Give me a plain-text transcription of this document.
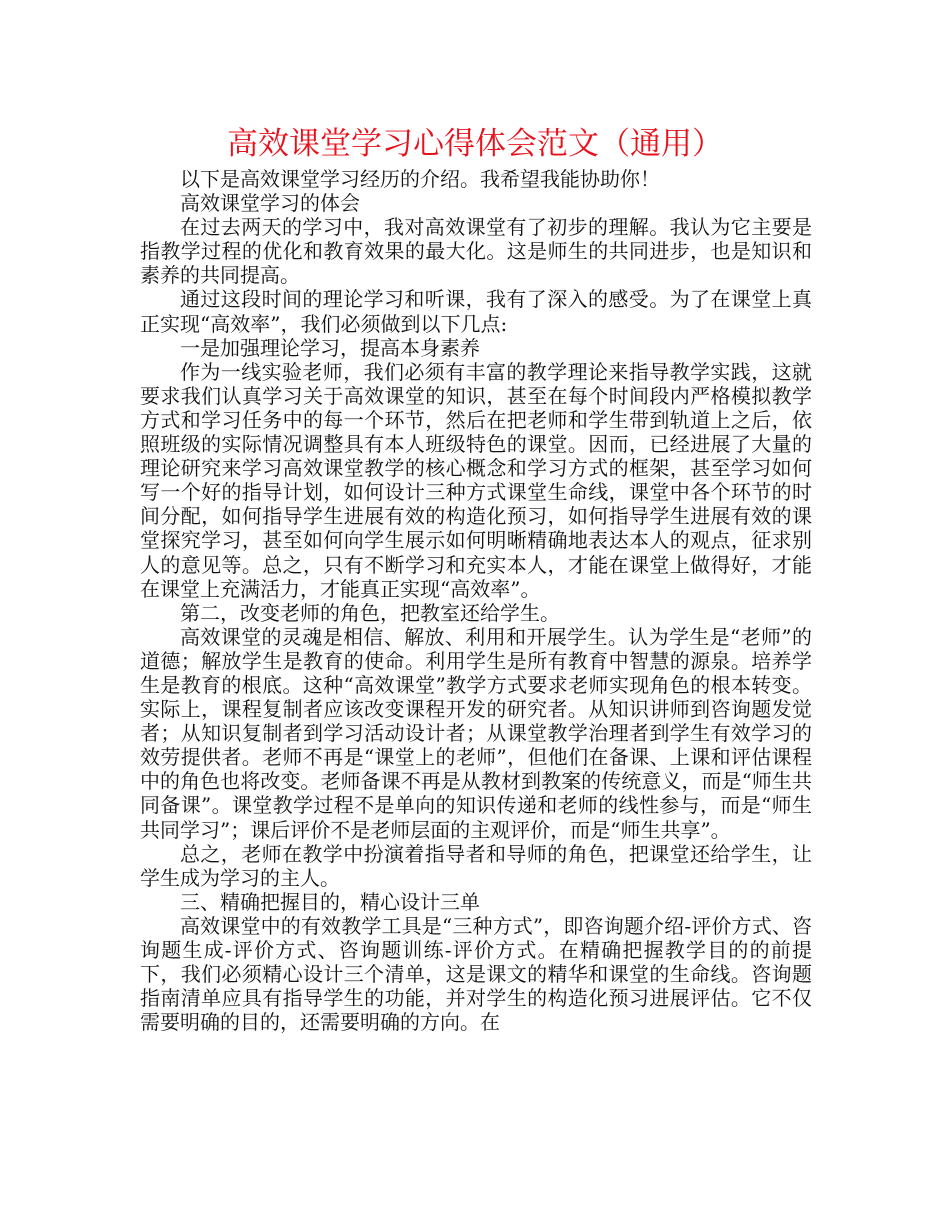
高效课堂学习心得体会范文（通用）

以下是高效课堂学习经历的介绍。我希望我能协助你！

高效课堂学习的体会

在过去两天的学习中，我对高效课堂有了初步的理解。我认为它主要是指教学过程的优化和教育效果的最大化。这是师生的共同进步，也是知识和素养的共同提高。

通过这段时间的理论学习和听课，我有了深入的感受。为了在课堂上真正实现“高效率”，我们必须做到以下几点:

一是加强理论学习，提高本身素养

作为一线实验老师，我们必须有丰富的教学理论来指导教学实践，这就要求我们认真学习关于高效课堂的知识，甚至在每个时间段内严格模拟教学方式和学习任务中的每一个环节，然后在把老师和学生带到轨道上之后，依照班级的实际情况调整具有本人班级特色的课堂。因而，已经进展了大量的理论研究来学习高效课堂教学的核心概念和学习方式的框架，甚至学习如何写一个好的指导计划，如何设计三种方式课堂生命线，课堂中各个环节的时间分配，如何指导学生进展有效的构造化预习，如何指导学生进展有效的课堂探究学习，甚至如何向学生展示如何明晰精确地表达本人的观点，征求别人的意见等。总之，只有不断学习和充实本人，才能在课堂上做得好，才能在课堂上充满活力，才能真正实现“高效率”。

第二，改变老师的角色，把教室还给学生。

高效课堂的灵魂是相信、解放、利用和开展学生。认为学生是“老师”的道德；解放学生是教育的使命。利用学生是所有教育中智慧的源泉。培养学生是教育的根底。这种“高效课堂”教学方式要求老师实现角色的根本转变。实际上，课程复制者应该改变课程开发的研究者。从知识讲师到咨询题发觉者；从知识复制者到学习活动设计者；从课堂教学治理者到学生有效学习的效劳提供者。老师不再是“课堂上的老师”，但他们在备课、上课和评估课程中的角色也将改变。老师备课不再是从教材到教案的传统意义，而是“师生共同备课”。课堂教学过程不是单向的知识传递和老师的线性参与，而是“师生共同学习”；课后评价不是老师层面的主观评价，而是“师生共享”。

总之，老师在教学中扮演着指导者和导师的角色，把课堂还给学生，让学生成为学习的主人。

三、精确把握目的，精心设计三单

高效课堂中的有效教学工具是“三种方式”，即咨询题介绍-评价方式、咨询题生成-评价方式、咨询题训练-评价方式。在精确把握教学目的的前提下，我们必须精心设计三个清单，这是课文的精华和课堂的生命线。咨询题指南清单应具有指导学生的功能，并对学生的构造化预习进展评估。它不仅需要明确的目的，还需要明确的方向。在
